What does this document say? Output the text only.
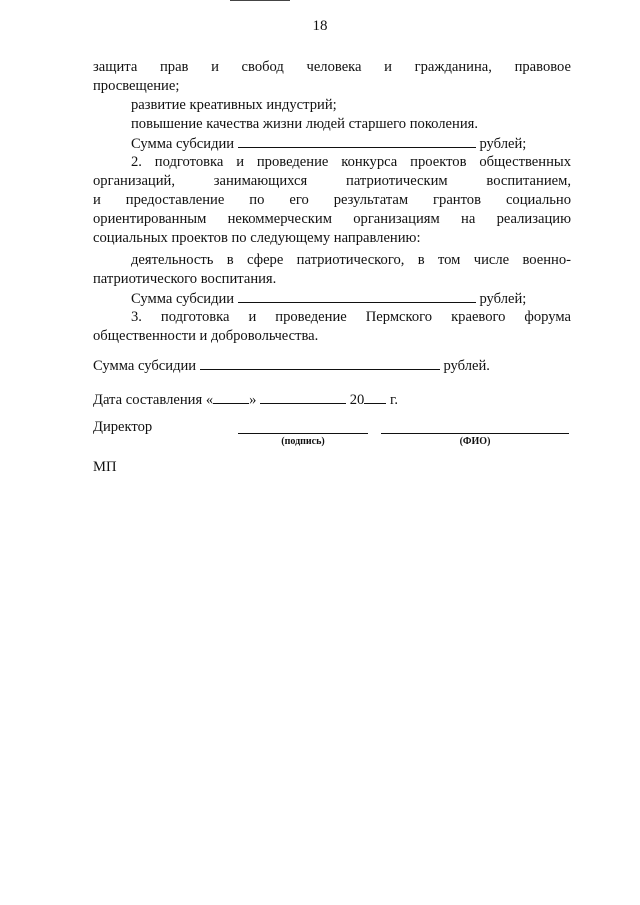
18
защита прав и свобод человека и гражданина, правовое
просвещение;
развитие креативных индустрий;
повышение качества жизни людей старшего поколения.
Сумма субсидии	рублей;
2. подготовка и проведение конкурса проектов общественных
организаций, занимающихся патриотическим воспитанием,
и предоставление по его результатам грантов социально
ориентированным некоммерческим организациям на реализацию
социальных проектов по следующему направлению:
деятельность в сфере патриотического, в том числе военно-
патриотического воспитания.
Сумма субсидии	рублей;
3. подготовка и проведение Пермского краевого форума
общественности и добровольчества.
Сумма субсидии	рублей.
Дата составления « »	20 г.
Директор
(подпись)	(ФИО)
МП
